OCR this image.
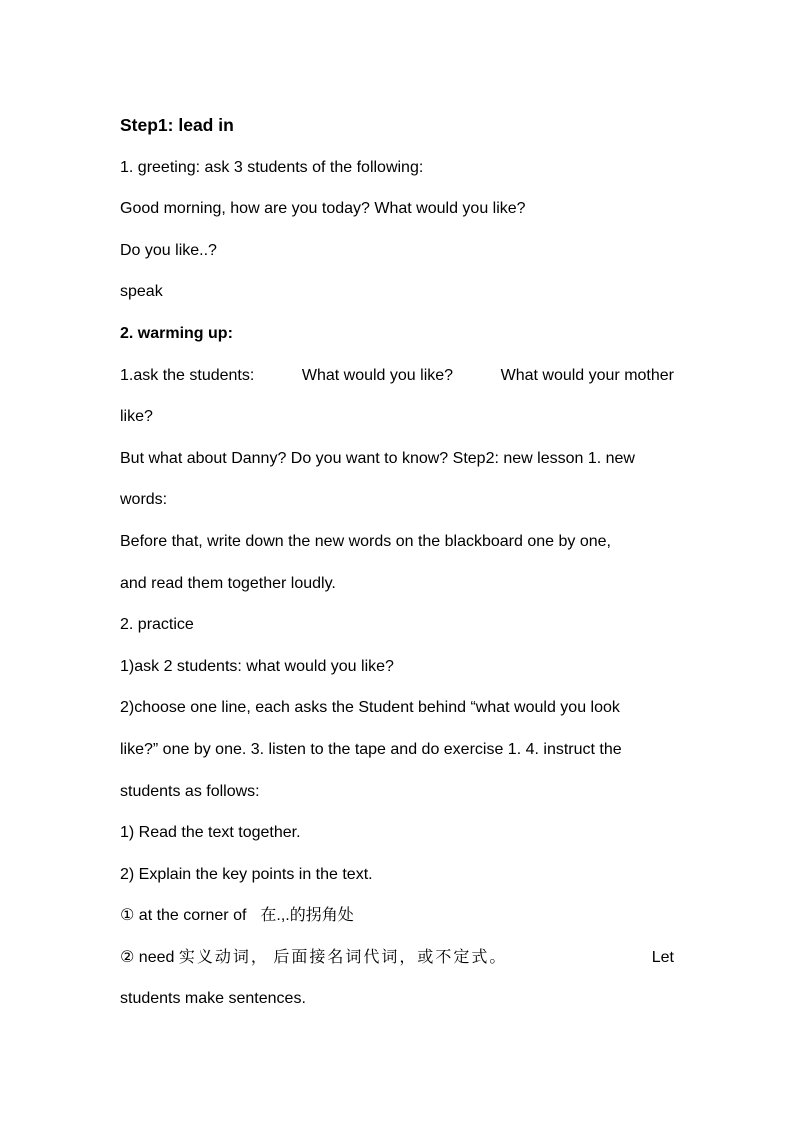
Step1: lead in
1. greeting: ask 3 students of the following:
Good morning, how are you today? What would you like?
Do you like..?
speak
2. warming up:
1.ask the students:	What would you like?	What would your mother
like?
But what about Danny? Do you want to know? Step2: new lesson 1. new
words:
Before that, write down the new words on the blackboard one by one,
and read them together loudly.
2. practice
1)ask 2 students: what would you like?
2)choose one line, each asks the Student behind “what would you look
like?” one by one. 3. listen to the tape and do exercise 1. 4. instruct the
students as follows:
1) Read the text together.
2) Explain the key points in the text.
① at the corner of 在.,.的拐角处
② need 实义动词， 后面接名词代词，或不定式。	Let
students make sentences.
